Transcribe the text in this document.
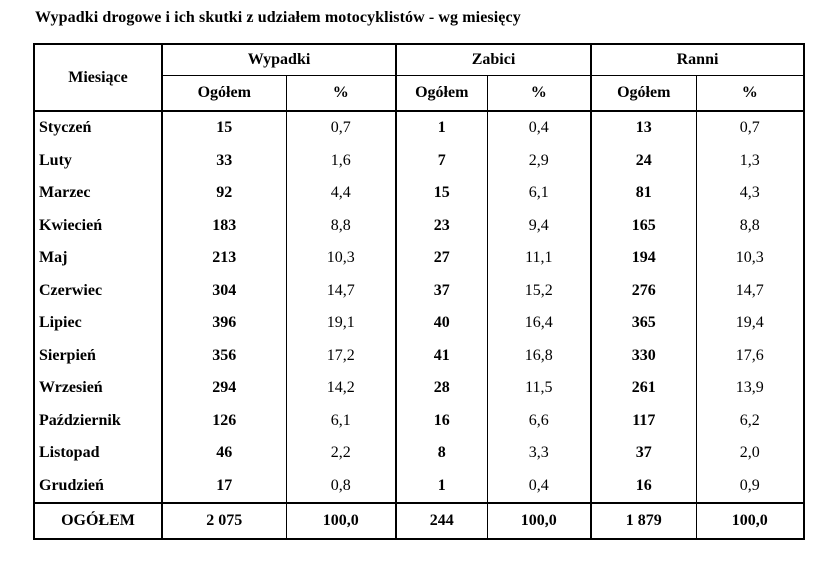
Wypadki drogowe i ich skutki z udziałem motocyklistów - wg miesięcy
Miesiące	Wypadki		Zabici		Ranni	
	Ogółem	%	Ogółem	%	Ogółem	%
Styczeń	15	0,7	1	0,4	13	0,7
Luty	33	1,6	7	2,9	24	1,3
Marzec	92	4,4	15	6,1	81	4,3
Kwiecień	183	8,8	23	9,4	165	8,8
Maj	213	10,3	27	11,1	194	10,3
Czerwiec	304	14,7	37	15,2	276	14,7
Lipiec	396	19,1	40	16,4	365	19,4
Sierpień	356	17,2	41	16,8	330	17,6
Wrzesień	294	14,2	28	11,5	261	13,9
Październik	126	6,1	16	6,6	117	6,2
Listopad	46	2,2	8	3,3	37	2,0
Grudzień	17	0,8	1	0,4	16	0,9
OGÓŁEM	2 075	100,0	244	100,0	1 879	100,0
